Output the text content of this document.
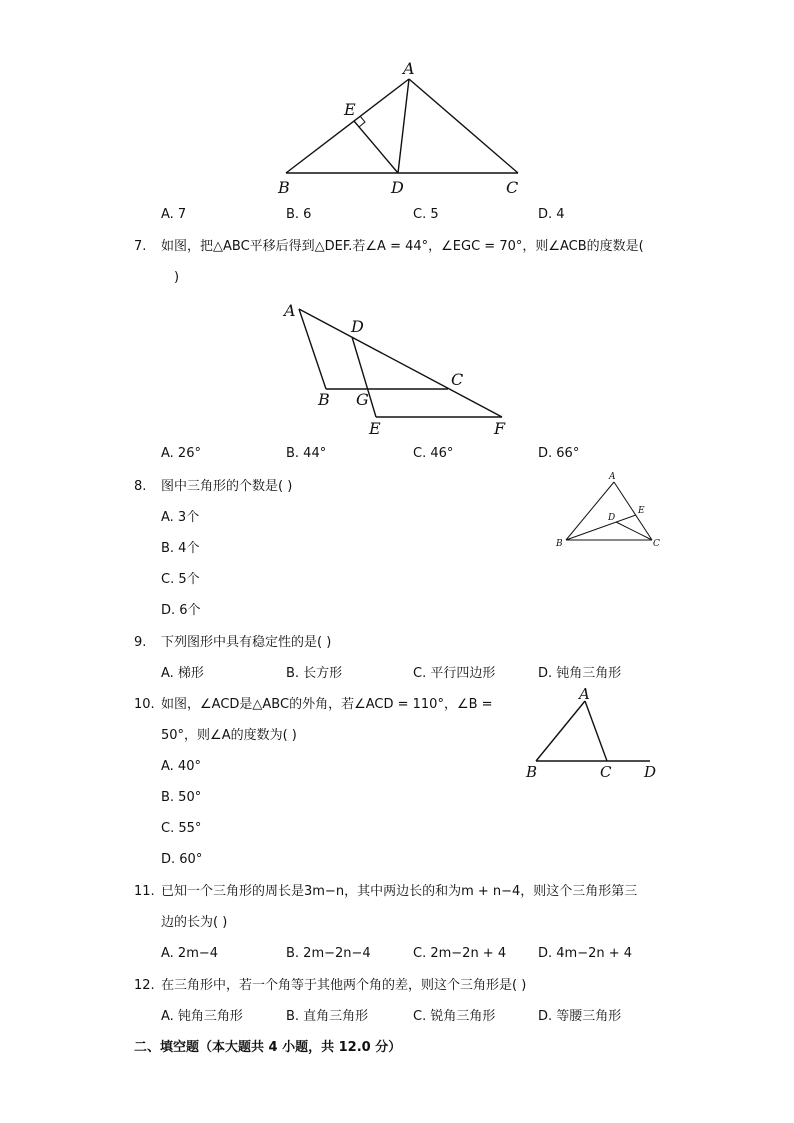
A
E
B	D	C
A. 7	B. 6	C. 5	D. 4
7. 如图，把△ABC平移后得到△DEF.若∠A = 44°，∠EGC = 70°，则∠ACB的度数是(
)
A
D
C
B G
E	F
A. 26°	B. 44°	C. 46°	D. 66°
8. 图中三角形的个数是( )
A
E
D
B	C
A. 3个
B. 4个
C. 5个
D. 6个
9. 下列图形中具有稳定性的是( )
A. 梯形	B. 长方形	C. 平行四边形	D. 钝角三角形
10. 如图，∠ACD是△ABC的外角，若∠ACD = 110°，∠B =
50°，则∠A的度数为( )
A
B	C D
A. 40°
B. 50°
C. 55°
D. 60°
11. 已知一个三角形的周长是3m−n，其中两边长的和为m + n−4，则这个三角形第三
边的长为( )
A. 2m−4	B. 2m−2n−4	C. 2m−2n + 4 D. 4m−2n + 4
12. 在三角形中，若一个角等于其他两个角的差，则这个三角形是( )
A. 钝角三角形	B. 直角三角形	C. 锐角三角形	D. 等腰三角形
二、填空题（本大题共 4 小题，共 12.0 分）
